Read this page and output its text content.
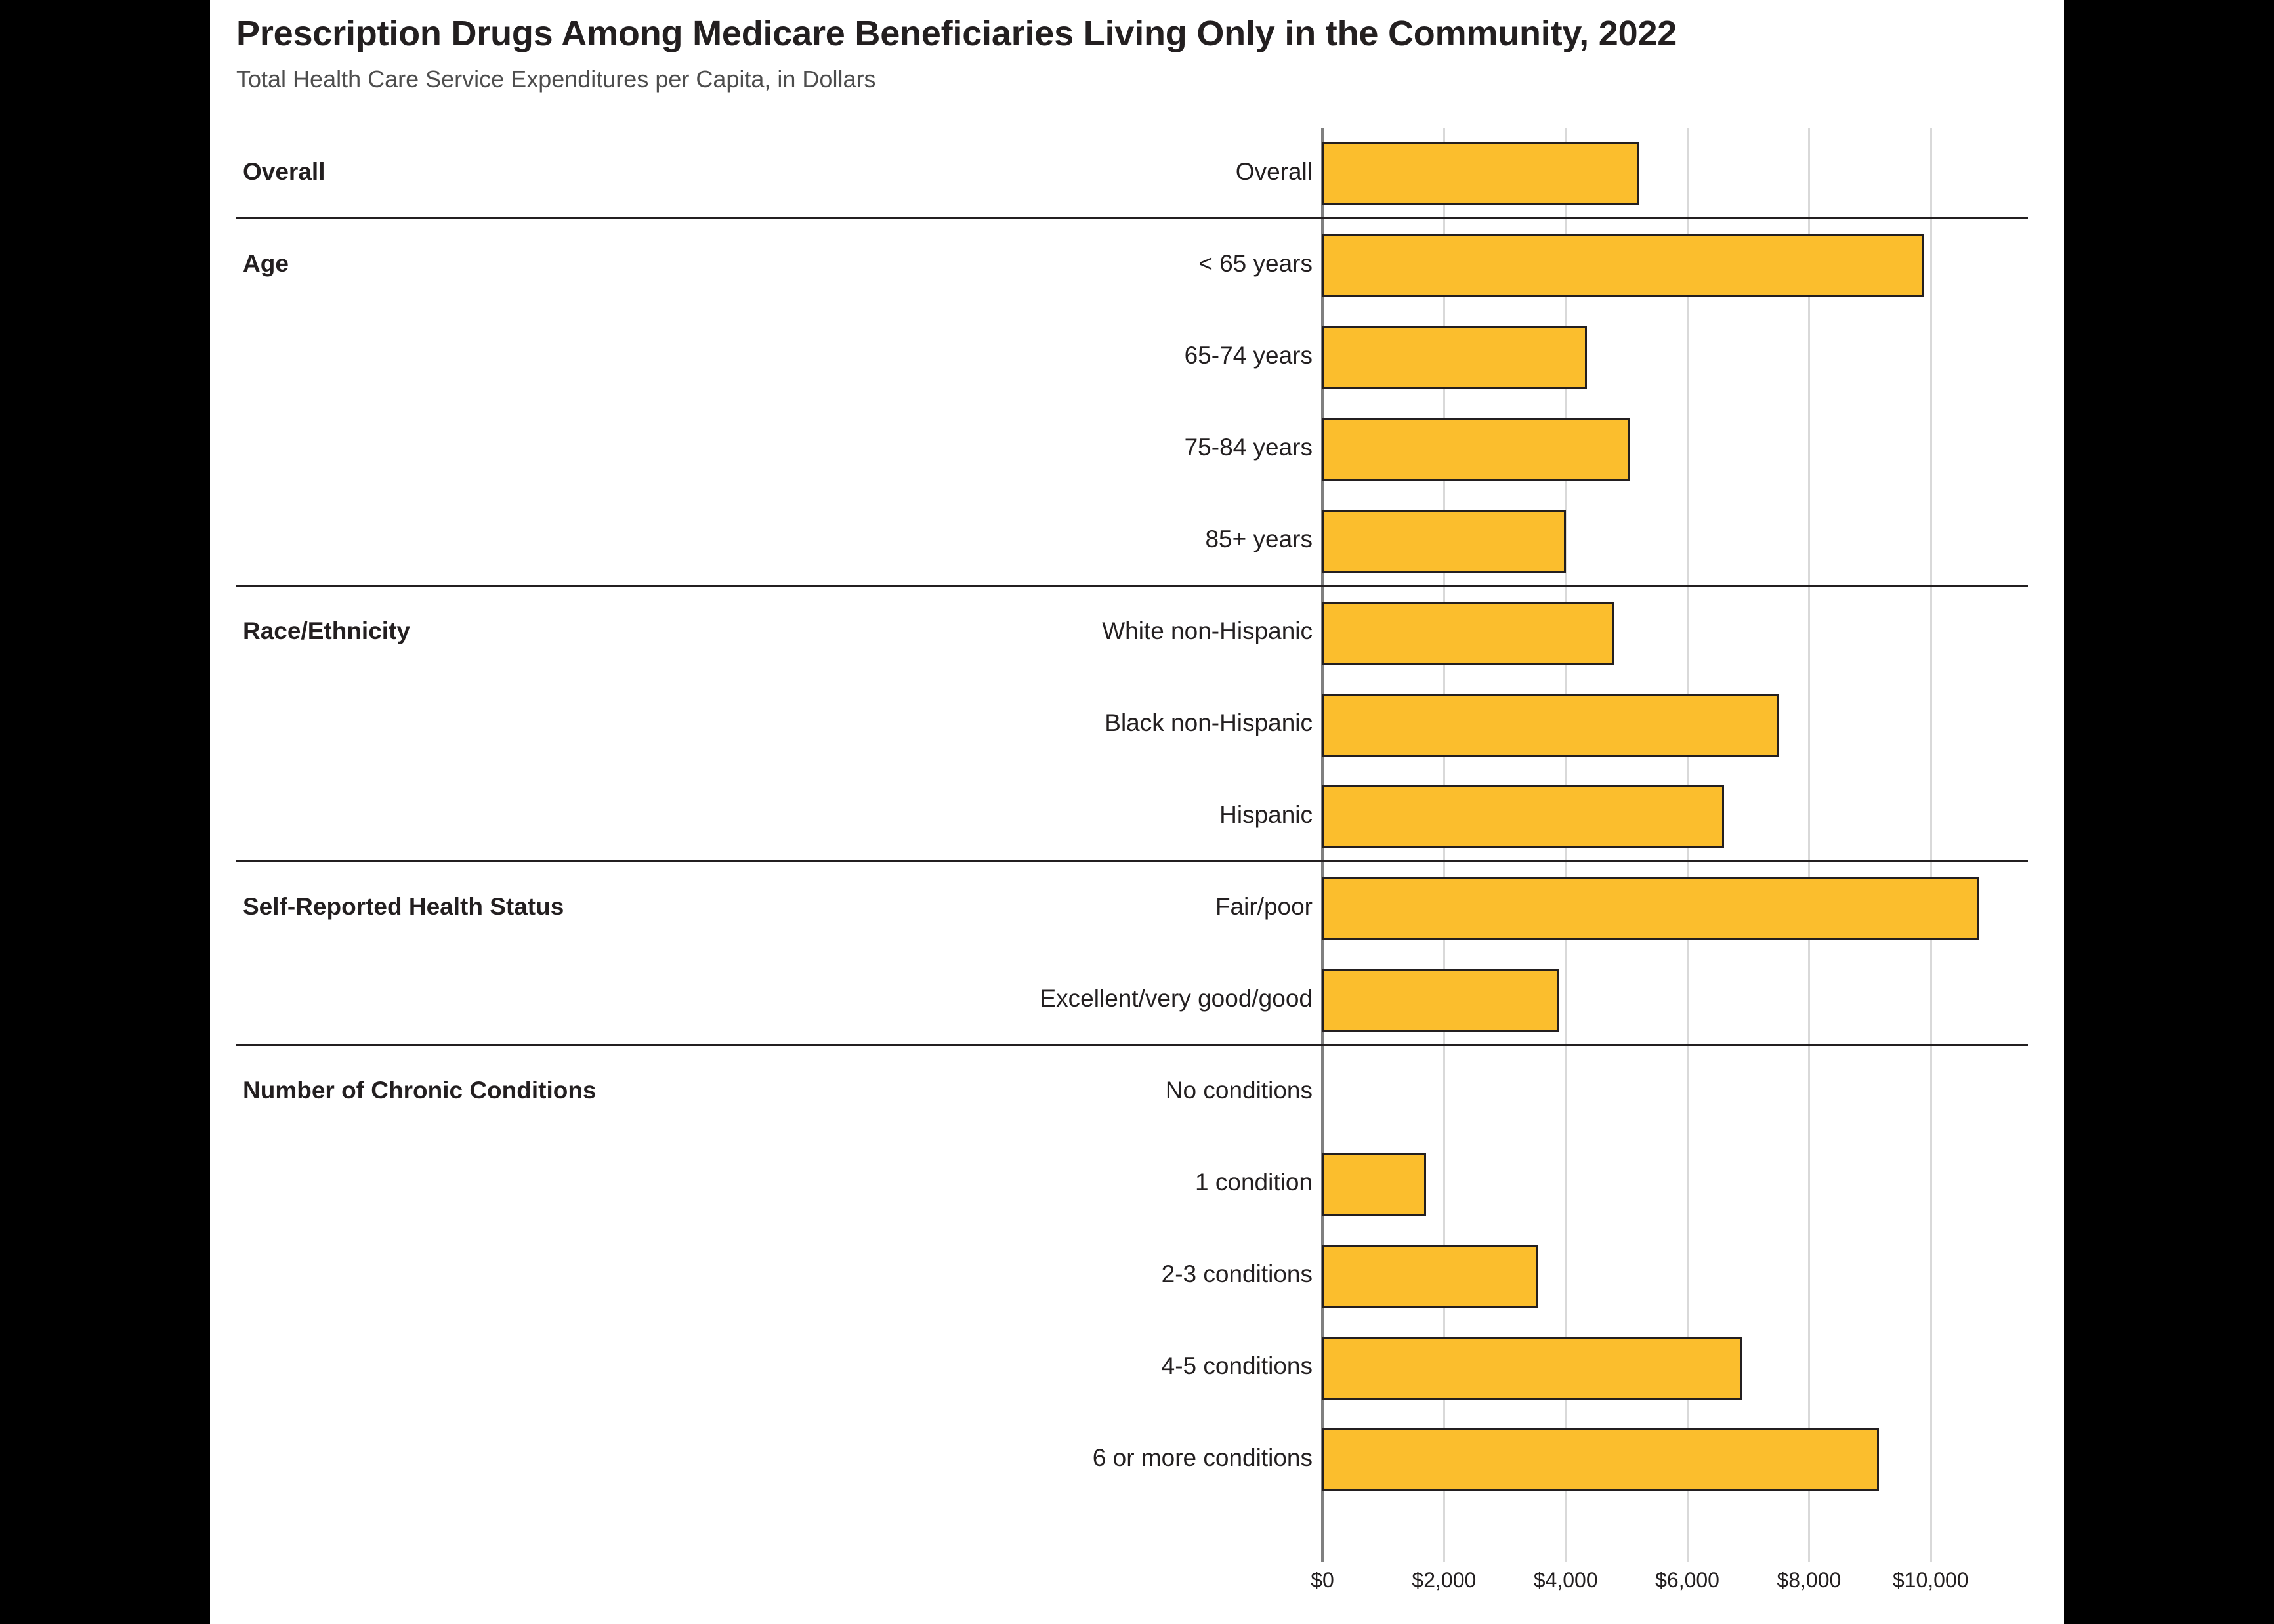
Prescription Drugs Among Medicare Beneficiaries Living Only in the Community, 2022
Total Health Care Service Expenditures per Capita, in Dollars
Overall	Overall
Age	< 65 years
65-74 years
75-84 years
85+ years
Race/Ethnicity	White non-Hispanic
Black non-Hispanic
Hispanic
Self-Reported Health Status	Fair/poor
Excellent/very good/good
Number of Chronic Conditions	No conditions
1 condition
2-3 conditions
4-5 conditions
6 or more conditions
$0	$2,000	$4,000	$6,000	$8,000 $10,000
